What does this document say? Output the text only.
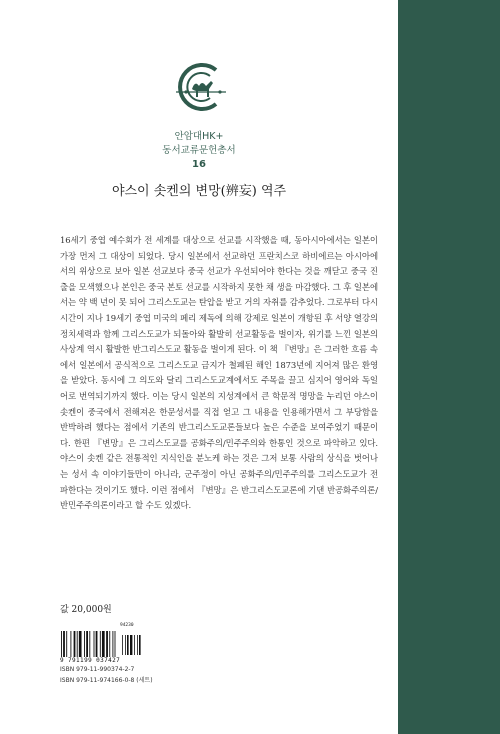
안암대HK+
동서교류문헌총서
16
야스이 솟켄의 변망(辨妄) 역주

16세기 중엽 예수회가 전 세계를 대상으로 선교를 시작했을 때, 동아시아에서는 일본이 가장 먼저 그 대상이 되었다. 당시 일본에서 선교하던 프란치스코 하비에르는 아시아에서의 위상으로 보아 일본 선교보다 중국 선교가 우선되어야 한다는 것을 깨닫고 중국 진출을 모색했으나 본인은 중국 본토 선교를 시작하지 못한 채 생을 마감했다. 그 후 일본에서는 약 백 년이 못 되어 그리스도교는 탄압을 받고 거의 자취를 감추었다. 그로부터 다시 시간이 지나 19세기 중엽 미국의 페리 제독에 의해 강제로 일본이 개항된 후 서양 열강의 정치세력과 함께 그리스도교가 되돌아와 활발히 선교활동을 벌이자, 위기를 느낀 일본의 사상계 역시 활발한 반그리스도교 활동을 벌이게 된다. 이 책 『변망』은 그러한 흐름 속에서 일본에서 공식적으로 그리스도교 금지가 철폐된 해인 1873년에 지어져 많은 환영을 받았다. 동시에 그 의도와 달리 그리스도교계에서도 주목을 끌고 심지어 영어와 독일어로 번역되기까지 했다. 이는 당시 일본의 지성계에서 큰 학문적 명망을 누리던 야스이 솟켄이 중국에서 전해져온 한문성서를 직접 얻고 그 내용을 인용해가면서 그 부당함을 반박하려 했다는 점에서 기존의 반그리스도교론들보다 높은 수준을 보여주었기 때문이다. 한편 『변망』은 그리스도교를 공화주의/민주주의와 한통인 것으로 파악하고 있다. 야스이 솟켄 같은 전통적인 지식인을 분노케 하는 것은 그저 보통 사람의 상식을 벗어나는 성서 속 이야기들만이 아니라, 군주정이 아닌 공화주의/민주주의를 그리스도교가 전파한다는 것이기도 했다. 이런 점에서 『변망』은 반그리스도교론에 기댄 반공화주의론/반민주주의론이라고 할 수도 있겠다.

값 20,000원
94230
9 791199 037427
ISBN 979-11-990374-2-7
ISBN 979-11-974166-0-8 (세트)
